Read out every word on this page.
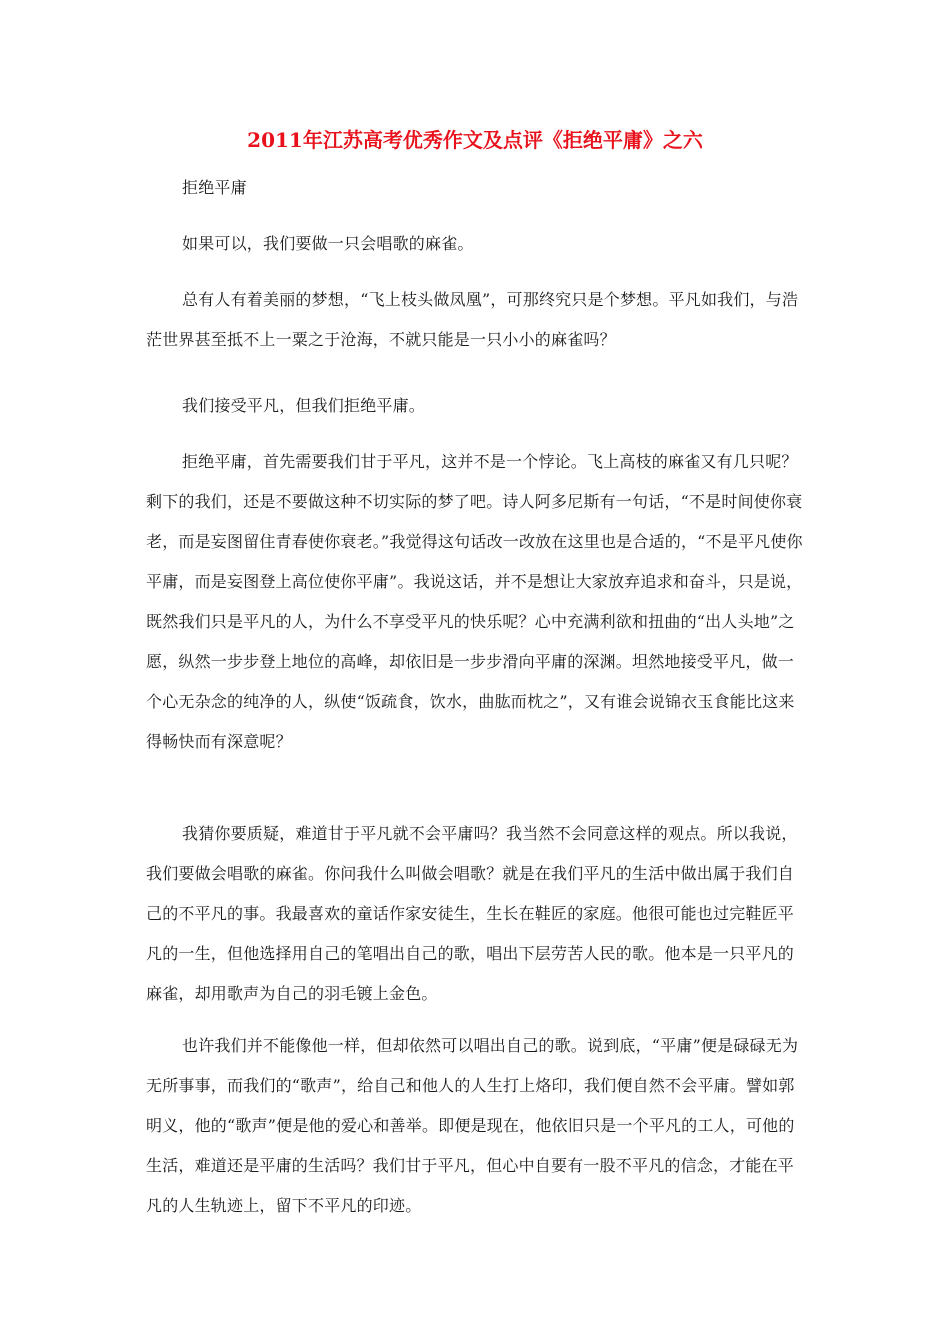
2011年江苏高考优秀作文及点评《拒绝平庸》之六

拒绝平庸

如果可以，我们要做一只会唱歌的麻雀。

总有人有着美丽的梦想，“飞上枝头做凤凰”，可那终究只是个梦想。平凡如我们，与浩茫世界甚至抵不上一粟之于沧海，不就只能是一只小小的麻雀吗？

我们接受平凡，但我们拒绝平庸。

拒绝平庸，首先需要我们甘于平凡，这并不是一个悖论。飞上高枝的麻雀又有几只呢？剩下的我们，还是不要做这种不切实际的梦了吧。诗人阿多尼斯有一句话，“不是时间使你衰老，而是妄图留住青春使你衰老。”我觉得这句话改一改放在这里也是合适的，“不是平凡使你平庸，而是妄图登上高位使你平庸”。我说这话，并不是想让大家放弃追求和奋斗，只是说，既然我们只是平凡的人，为什么不享受平凡的快乐呢？心中充满利欲和扭曲的“出人头地”之愿，纵然一步步登上地位的高峰，却依旧是一步步滑向平庸的深渊。坦然地接受平凡，做一个心无杂念的纯净的人，纵使“饭疏食，饮水，曲肱而枕之”，又有谁会说锦衣玉食能比这来得畅快而有深意呢？

我猜你要质疑，难道甘于平凡就不会平庸吗？我当然不会同意这样的观点。所以我说，我们要做会唱歌的麻雀。你问我什么叫做会唱歌？就是在我们平凡的生活中做出属于我们自己的不平凡的事。我最喜欢的童话作家安徒生，生长在鞋匠的家庭。他很可能也过完鞋匠平凡的一生，但他选择用自己的笔唱出自己的歌，唱出下层劳苦人民的歌。他本是一只平凡的麻雀，却用歌声为自己的羽毛镀上金色。

也许我们并不能像他一样，但却依然可以唱出自己的歌。说到底，“平庸”便是碌碌无为无所事事，而我们的“歌声”，给自己和他人的人生打上烙印，我们便自然不会平庸。譬如郭明义，他的“歌声”便是他的爱心和善举。即便是现在，他依旧只是一个平凡的工人，可他的生活，难道还是平庸的生活吗？我们甘于平凡，但心中自要有一股不平凡的信念，才能在平凡的人生轨迹上，留下不平凡的印迹。
